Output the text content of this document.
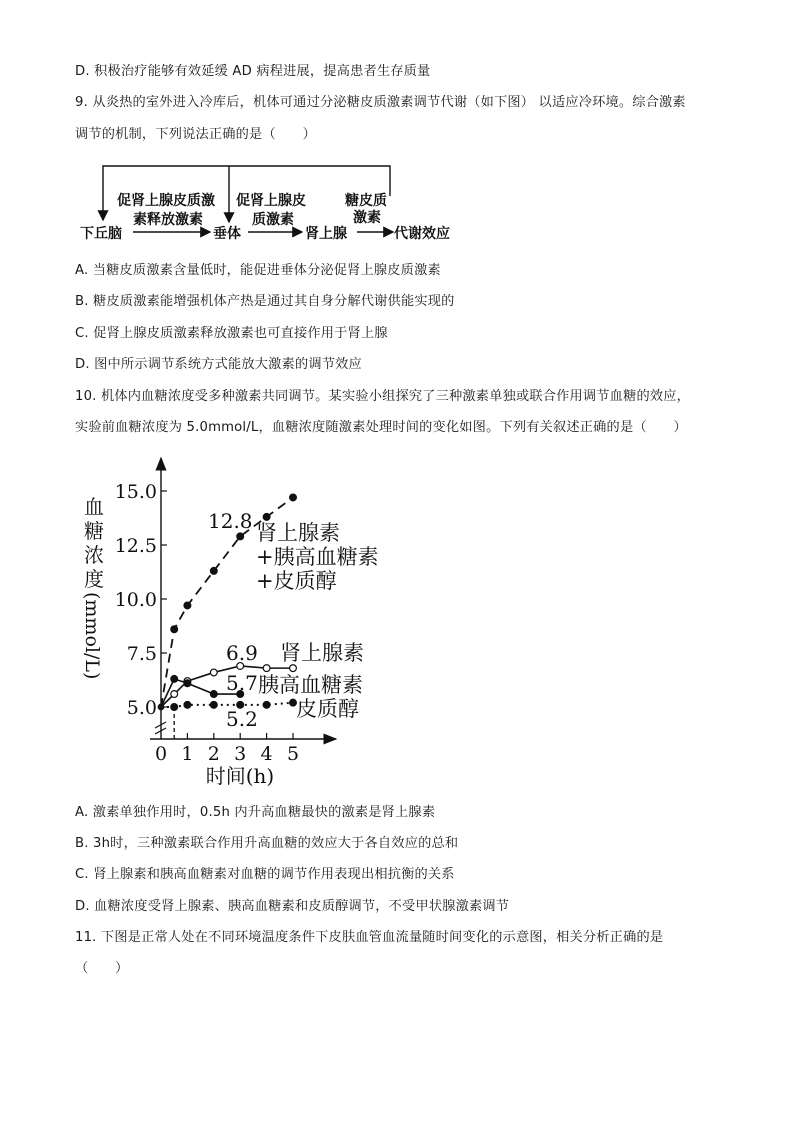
D. 积极治疗能够有效延缓 AD 病程进展，提高患者生存质量
9. 从炎热的室外进入冷库后，机体可通过分泌糖皮质激素调节代谢（如下图） 以适应冷环境。综合激素
调节的机制，下列说法正确的是（　　）
下丘脑
促肾上腺皮质激
素释放激素
垂体
促肾上腺皮
质激素
肾上腺
糖皮质
激素
代谢效应
A. 当糖皮质激素含量低时，能促进垂体分泌促肾上腺皮质激素
B. 糖皮质激素能增强机体产热是通过其自身分解代谢供能实现的
C. 促肾上腺皮质激素释放激素也可直接作用于肾上腺
D. 图中所示调节系统方式能放大激素的调节效应
10. 机体内血糖浓度受多种激素共同调节。某实验小组探究了三种激素单独或联合作用调节血糖的效应，
实验前血糖浓度为 5.0mmol/L，血糖浓度随激素处理时间的变化如图。下列有关叙述正确的是（　　）
5.0
7.5
10.0
12.5
15.0
0 1 2 3 4 5
血糖浓度
(mmol/L)
时间(h)
12.8
6.9
5.7
5.2
肾上腺素
+胰高血糖素
+皮质醇
肾上腺素
胰高血糖素
皮质醇
A. 激素单独作用时，0.5h 内升高血糖最快的激素是肾上腺素
B. 3h时，三种激素联合作用升高血糖的效应大于各自效应的总和
C. 肾上腺素和胰高血糖素对血糖的调节作用表现出相抗衡的关系
D. 血糖浓度受肾上腺素、胰高血糖素和皮质醇调节，不受甲状腺激素调节
11. 下图是正常人处在不同环境温度条件下皮肤血管血流量随时间变化的示意图，相关分析正确的是
（　　）
